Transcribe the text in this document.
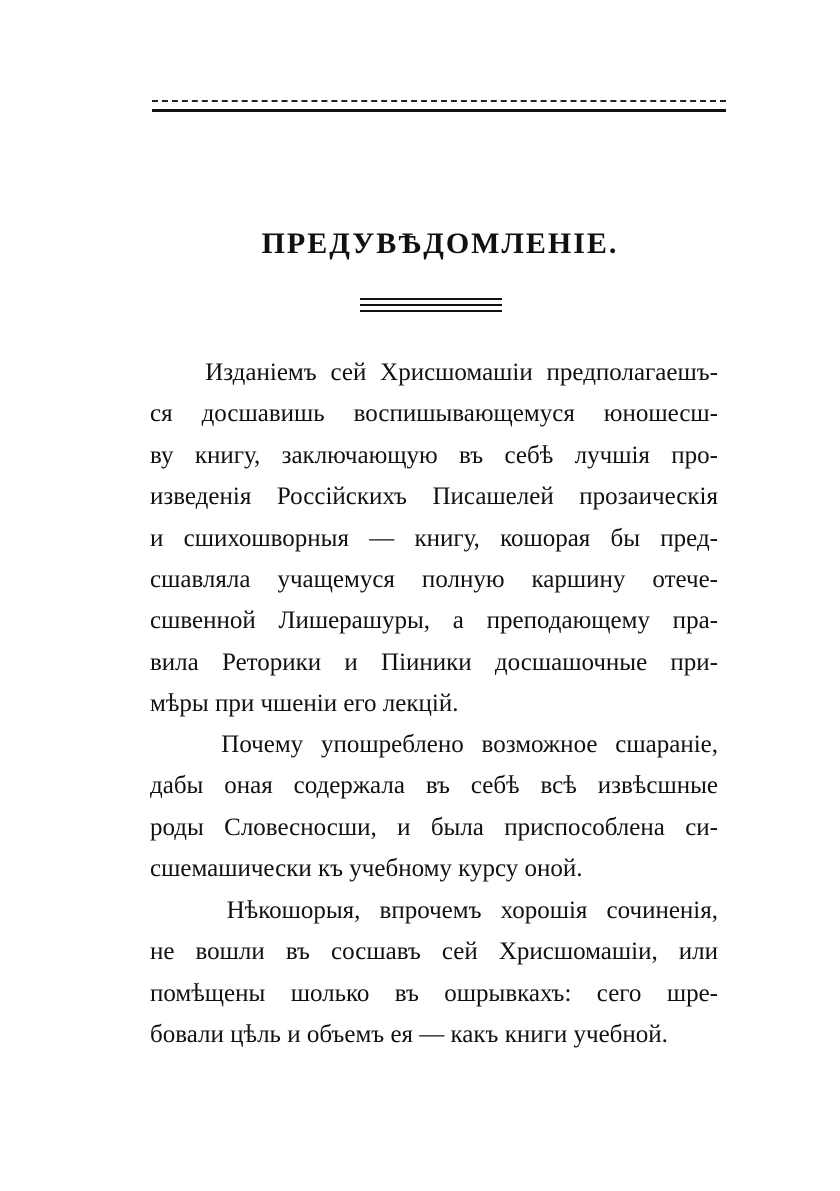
ПРЕДУВѢДОМЛЕНІЕ.

Изданіемъ сей Хрисшомашіи предполагаешъ-
ся досшавишь воспишывающемуся юношесш-
ву книгу, заключающую въ себѣ лучшія про-
изведенія Россійскихъ Писашелей прозаическія
и сшихошворныя — книгу, кошорая бы пред-
сшавляла учащемуся полную каршину отече-
сшвенной Лишерашуры, а преподающему пра-
вила Реторики и Піиники досшашочные при-
мѣры при чшеніи его лекцій.

Почему упошреблено возможное сшараніе,
дабы оная содержала въ себѣ всѣ извѣсшные
роды Словесносши, и была приспособлена си-
сшемашически къ учебному курсу оной.

Нѣкошорыя, впрочемъ хорошія сочиненія,
не вошли въ сосшавъ сей Хрисшомашіи, или
помѣщены шолько въ ошрывкахъ: сего шре-
бовали цѣль и объемъ ея — какъ книги учебной.
